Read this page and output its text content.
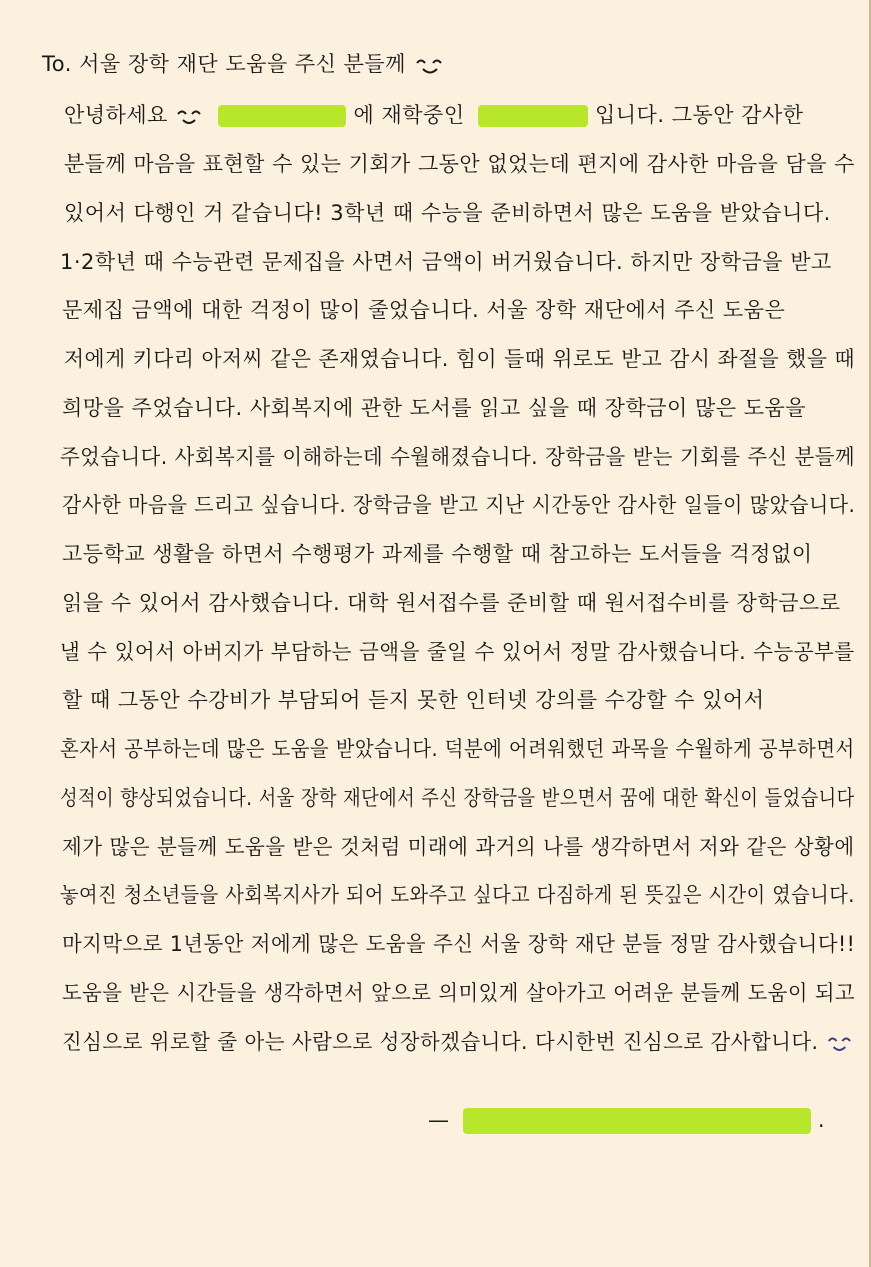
To. 서울 장학 재단 도움을 주신 분들께
안녕하세요	에 재학중인	입니다. 그동안 감사한
분들께 마음을 표현할 수 있는 기회가 그동안 없었는데 편지에 감사한 마음을 담을 수
있어서 다행인 거 같습니다! 3학년 때 수능을 준비하면서 많은 도움을 받았습니다.
1·2학년 때 수능관련 문제집을 사면서 금액이 버거웠습니다. 하지만 장학금을 받고
문제집 금액에 대한 걱정이 많이 줄었습니다. 서울 장학 재단에서 주신 도움은
저에게 키다리 아저씨 같은 존재였습니다. 힘이 들때 위로도 받고 감시 좌절을 했을 때
희망을 주었습니다. 사회복지에 관한 도서를 읽고 싶을 때 장학금이 많은 도움을
주었습니다. 사회복지를 이해하는데 수월해졌습니다. 장학금을 받는 기회를 주신 분들께
감사한 마음을 드리고 싶습니다. 장학금을 받고 지난 시간동안 감사한 일들이 많았습니다.
고등학교 생활을 하면서 수행평가 과제를 수행할 때 참고하는 도서들을 걱정없이
읽을 수 있어서 감사했습니다. 대학 원서접수를 준비할 때 원서접수비를 장학금으로
낼 수 있어서 아버지가 부담하는 금액을 줄일 수 있어서 정말 감사했습니다. 수능공부를
할 때 그동안 수강비가 부담되어 듣지 못한 인터넷 강의를 수강할 수 있어서
혼자서 공부하는데 많은 도움을 받았습니다. 덕분에 어려워했던 과목을 수월하게 공부하면서
성적이 향상되었습니다. 서울 장학 재단에서 주신 장학금을 받으면서 꿈에 대한 확신이 들었습니다
제가 많은 분들께 도움을 받은 것처럼 미래에 과거의 나를 생각하면서 저와 같은 상황에
놓여진 청소년들을 사회복지사가 되어 도와주고 싶다고 다짐하게 된 뜻깊은 시간이 였습니다.
마지막으로 1년동안 저에게 많은 도움을 주신 서울 장학 재단 분들 정말 감사했습니다!!
도움을 받은 시간들을 생각하면서 앞으로 의미있게 살아가고 어려운 분들께 도움이 되고
진심으로 위로할 줄 아는 사람으로 성장하겠습니다. 다시한번 진심으로 감사합니다.
—	.
